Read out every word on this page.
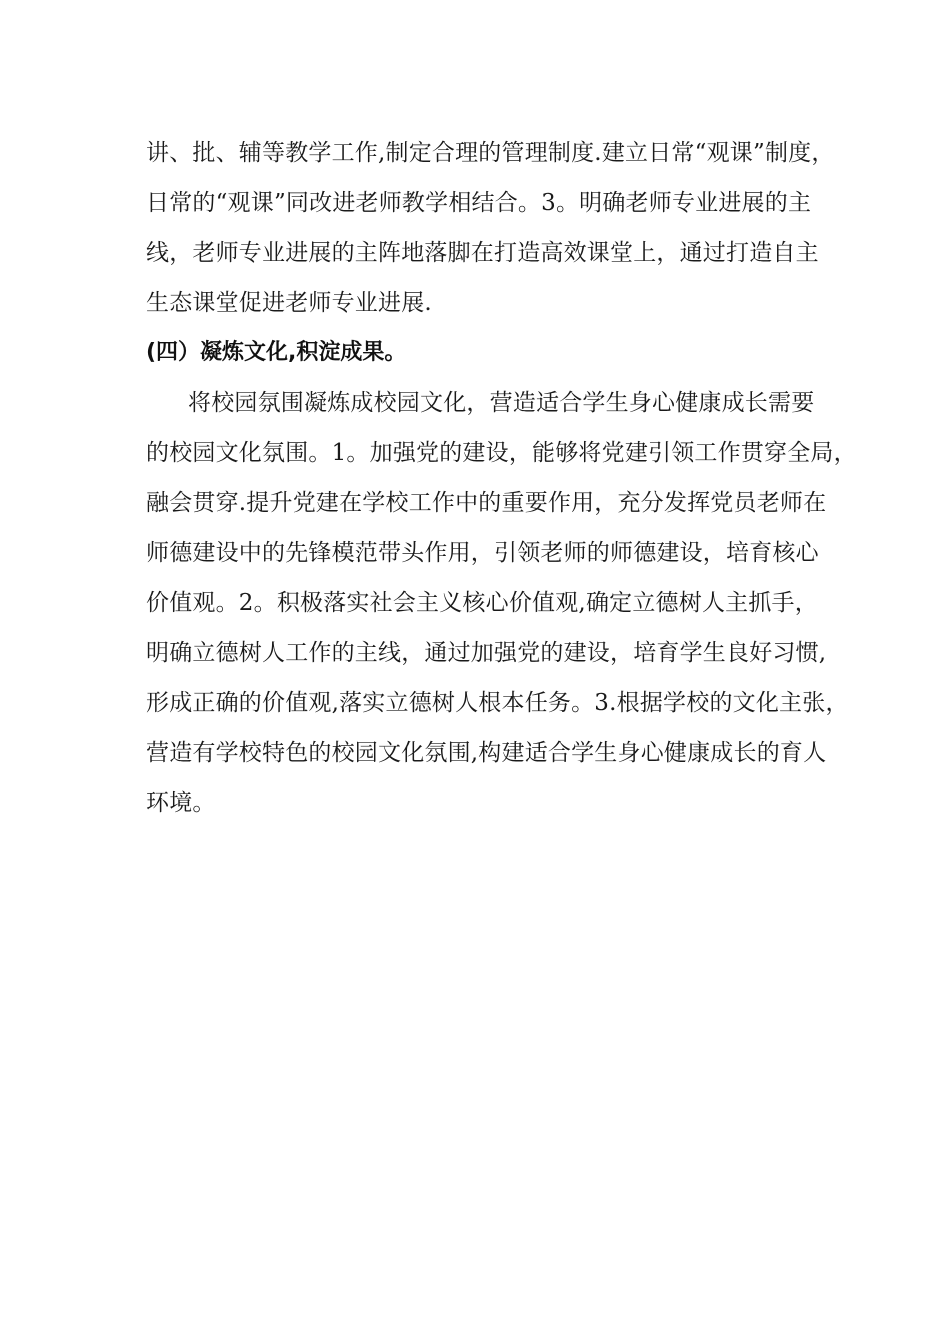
讲、批、辅等教学工作,制定合理的管理制度.建立日常“观课”制度，
日常的“观课”同改进老师教学相结合。3。明确老师专业进展的主
线，老师专业进展的主阵地落脚在打造高效课堂上，通过打造自主
生态课堂促进老师专业进展.
(四）凝炼文化,积淀成果。
将校园氛围凝炼成校园文化，营造适合学生身心健康成长需要
的校园文化氛围。1。加强党的建设，能够将党建引领工作贯穿全局，
融会贯穿.提升党建在学校工作中的重要作用，充分发挥党员老师在
师德建设中的先锋模范带头作用，引领老师的师德建设，培育核心
价值观。2。积极落实社会主义核心价值观,确定立德树人主抓手，
明确立德树人工作的主线，通过加强党的建设，培育学生良好习惯,
形成正确的价值观,落实立德树人根本任务。3.根据学校的文化主张，
营造有学校特色的校园文化氛围,构建适合学生身心健康成长的育人
环境。
